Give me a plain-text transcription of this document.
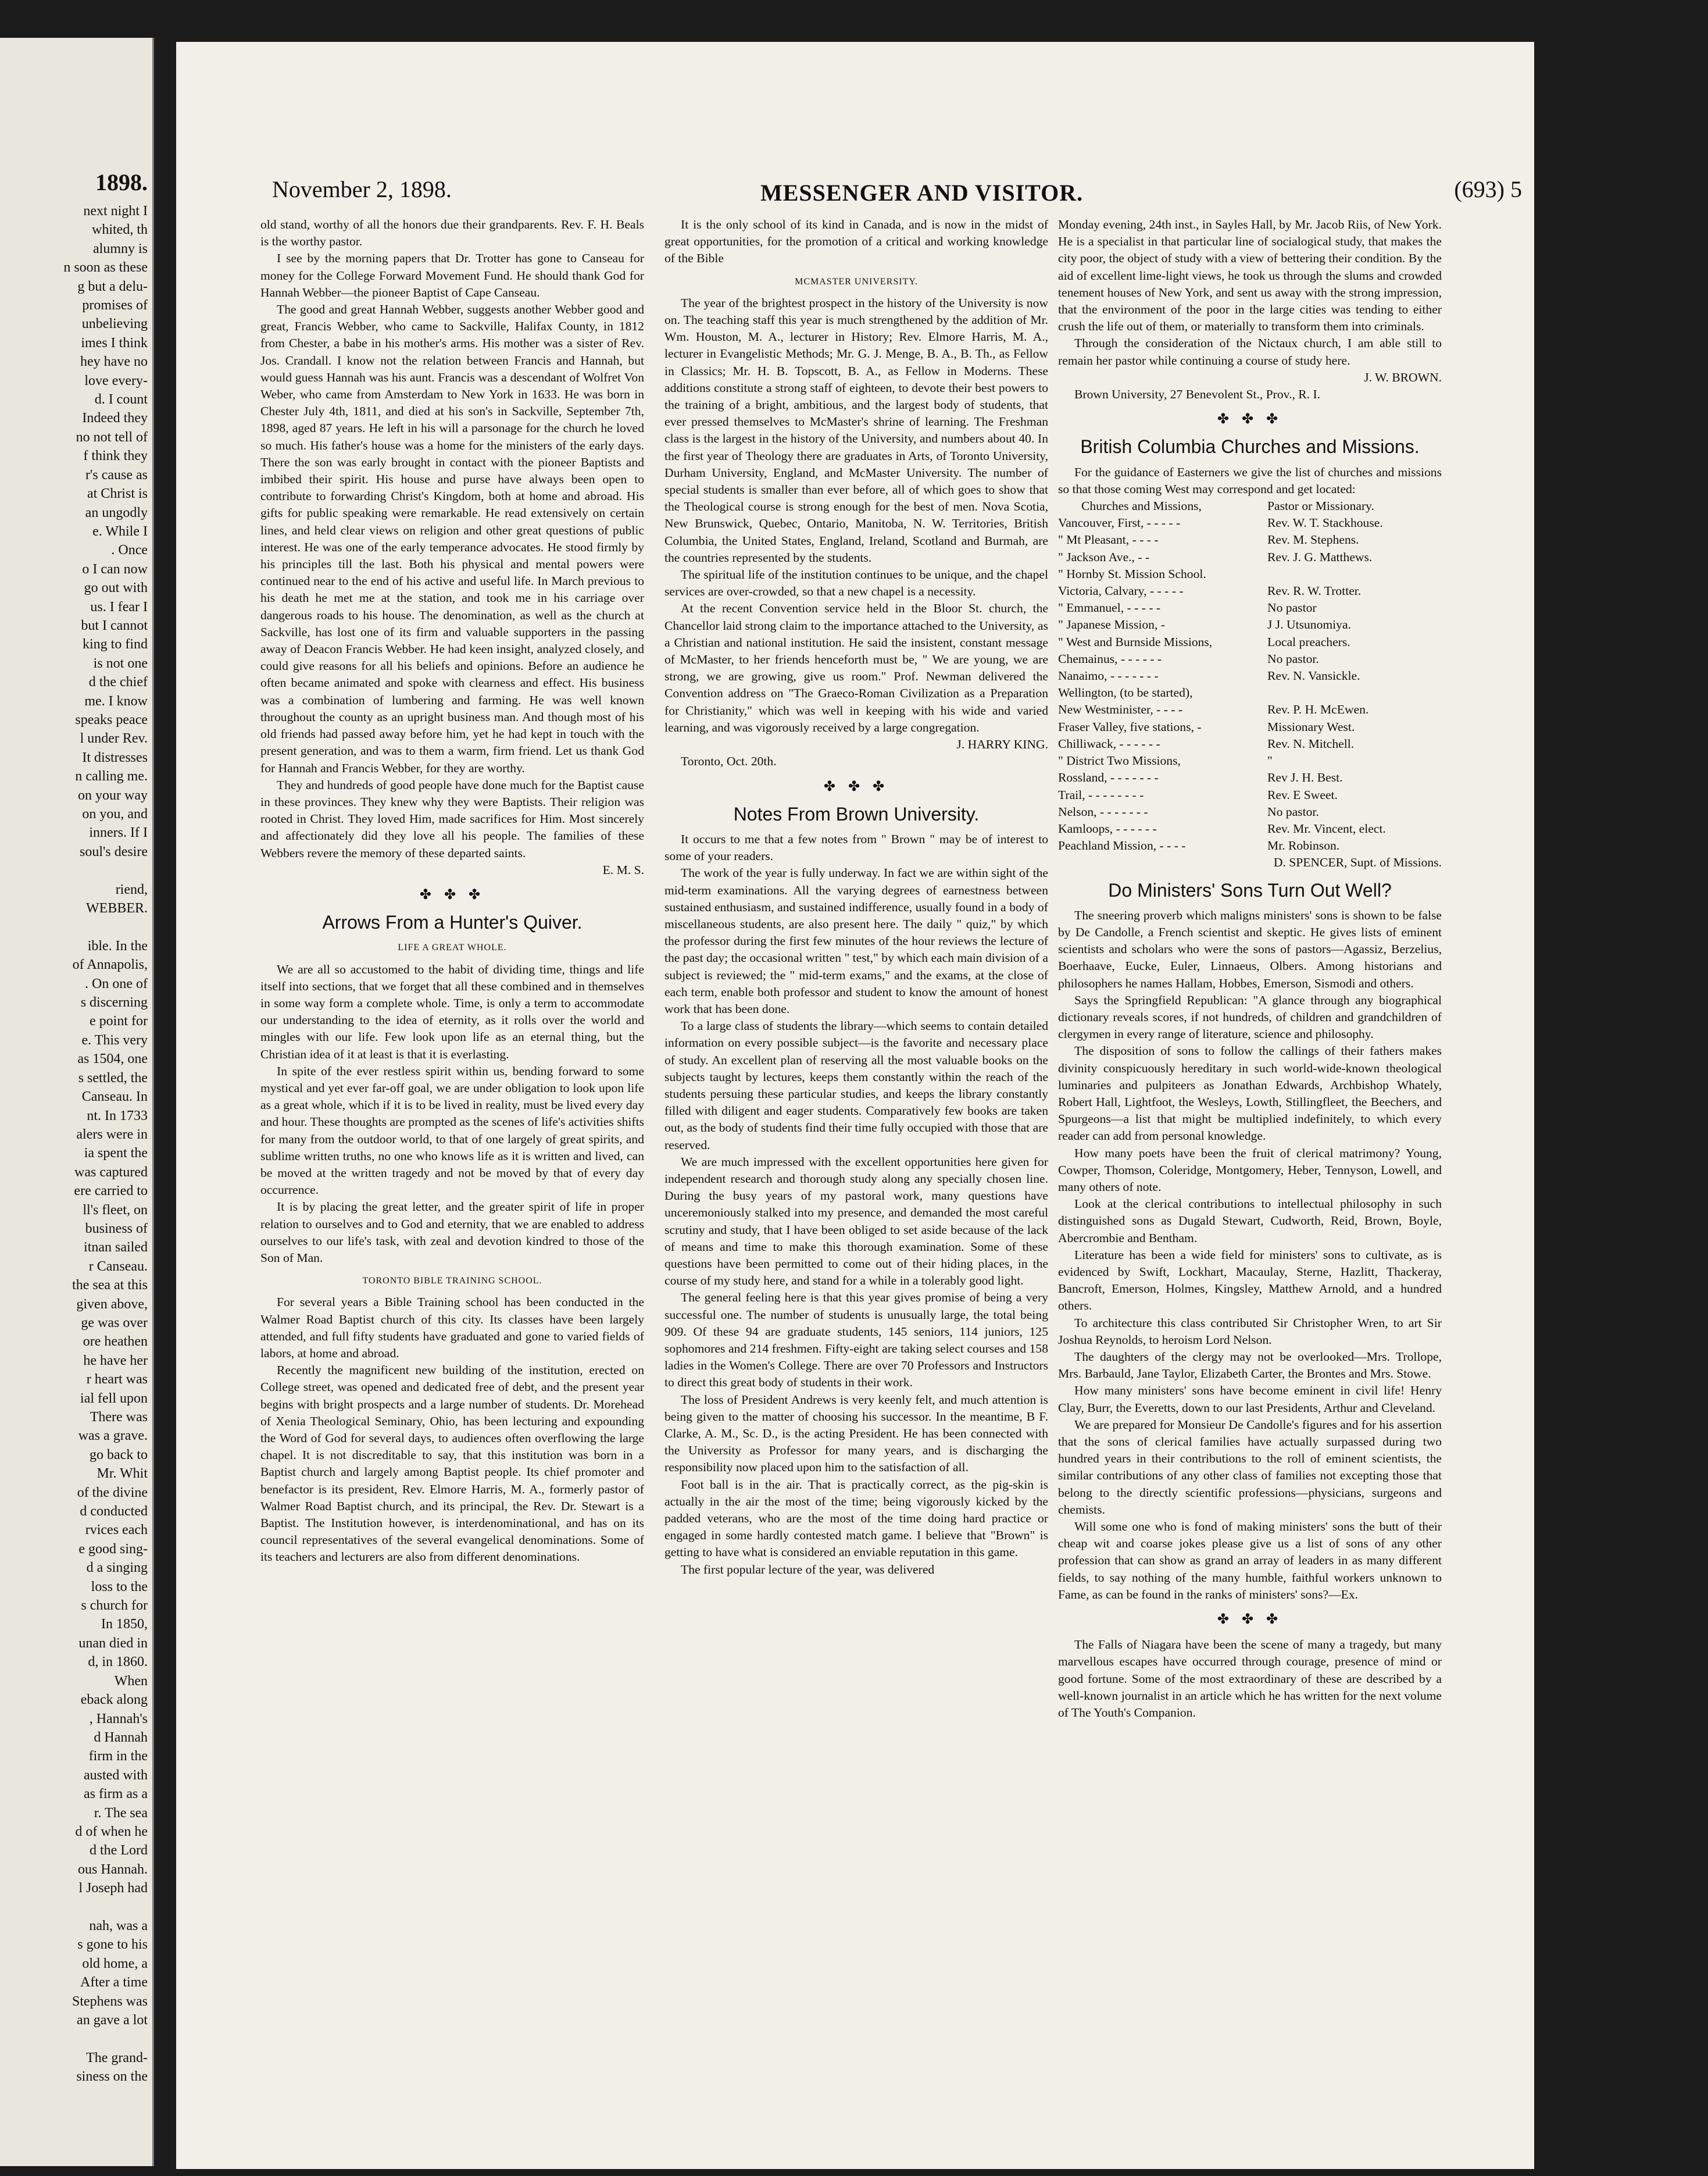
1898.
next night I
whited, th
alumny is
n soon as these
g but a delu-
promises of
unbelieving
imes I think
hey have no
love every-
d. I count
Indeed they
no not tell of
f think they
r's cause as
at Christ is
an ungodly
e. While I
. Once
o I can now
go out with
us. I fear I
but I cannot
king to find
is not one
d the chief
me. I know
speaks peace
l under Rev.
It distresses
n calling me.
on your way
on you, and
inners. If I
soul's desire

riend,
WEBBER.

ible. In the
of Annapolis,
. On one of
s discerning
e point for
e. This very
as 1504, one
s settled, the
Canseau. In
nt. In 1733
alers were in
ia spent the
was captured
ere carried to
ll's fleet, on
business of
itnan sailed
r Canseau.
the sea at this
given above,
ge was over
ore heathen
he have her
r heart was
ial fell upon
There was
was a grave.
go back to
Mr. Whit
of the divine
d conducted
rvices each
e good sing-
d a singing
loss to the
s church for
In 1850,
unan died in
d, in 1860.
When
eback along
, Hannah's
d Hannah
firm in the
austed with
as firm as a
r. The sea
d of when he
d the Lord
ous Hannah.
l Joseph had

nah, was a
s gone to his
old home, a
After a time
Stephens was
an gave a lot

The grand-
siness on the
November 2, 1898.	MESSENGER AND VISITOR.	(693) 5

old stand, worthy of all the honors due their grandparents. Rev. F. H. Beals is the worthy pastor.

I see by the morning papers that Dr. Trotter has gone to Canseau for money for the College Forward Movement Fund. He should thank God for Hannah Webber—the pioneer Baptist of Cape Canseau.

The good and great Hannah Webber, suggests another Webber good and great, Francis Webber, who came to Sackville, Halifax County, in 1812 from Chester, a babe in his mother's arms. His mother was a sister of Rev. Jos. Crandall. I know not the relation between Francis and Hannah, but would guess Hannah was his aunt. Francis was a descendant of Wolfret Von Weber, who came from Amsterdam to New York in 1633. He was born in Chester July 4th, 1811, and died at his son's in Sackville, September 7th, 1898, aged 87 years. He left in his will a parsonage for the church he loved so much. His father's house was a home for the ministers of the early days. There the son was early brought in contact with the pioneer Baptists and imbibed their spirit. His house and purse have always been open to contribute to forwarding Christ's Kingdom, both at home and abroad. His gifts for public speaking were remarkable. He read extensively on certain lines, and held clear views on religion and other great questions of public interest. He was one of the early temperance advocates. He stood firmly by his principles till the last. Both his physical and mental powers were continued near to the end of his active and useful life. In March previous to his death he met me at the station, and took me in his carriage over dangerous roads to his house. The denomination, as well as the church at Sackville, has lost one of its firm and valuable supporters in the passing away of Deacon Francis Webber. He had keen insight, analyzed closely, and could give reasons for all his beliefs and opinions. Before an audience he often became animated and spoke with clearness and effect. His business was a combination of lumbering and farming. He was well known throughout the county as an upright business man. And though most of his old friends had passed away before him, yet he had kept in touch with the present generation, and was to them a warm, firm friend. Let us thank God for Hannah and Francis Webber, for they are worthy.

They and hundreds of good people have done much for the Baptist cause in these provinces. They knew why they were Baptists. Their religion was rooted in Christ. They loved Him, made sacrifices for Him. Most sincerely and affectionately did they love all his people. The families of these Webbers revere the memory of these departed saints.

E. M. S.
✤ ✤ ✤
Arrows From a Hunter's Quiver.
LIFE A GREAT WHOLE.

We are all so accustomed to the habit of dividing time, things and life itself into sections, that we forget that all these combined and in themselves in some way form a complete whole. Time, is only a term to accommodate our understanding to the idea of eternity, as it rolls over the world and mingles with our life. Few look upon life as an eternal thing, but the Christian idea of it at least is that it is everlasting.

In spite of the ever restless spirit within us, bending forward to some mystical and yet ever far-off goal, we are under obligation to look upon life as a great whole, which if it is to be lived in reality, must be lived every day and hour. These thoughts are prompted as the scenes of life's activities shifts for many from the outdoor world, to that of one largely of great spirits, and sublime written truths, no one who knows life as it is written and lived, can be moved at the written tragedy and not be moved by that of every day occurrence.

It is by placing the great letter, and the greater spirit of life in proper relation to ourselves and to God and eternity, that we are enabled to address ourselves to our life's task, with zeal and devotion kindred to those of the Son of Man.

TORONTO BIBLE TRAINING SCHOOL.

For several years a Bible Training school has been conducted in the Walmer Road Baptist church of this city. Its classes have been largely attended, and full fifty students have graduated and gone to varied fields of labors, at home and abroad.

Recently the magnificent new building of the institution, erected on College street, was opened and dedicated free of debt, and the present year begins with bright prospects and a large number of students. Dr. Morehead of Xenia Theological Seminary, Ohio, has been lecturing and expounding the Word of God for several days, to audiences often overflowing the large chapel. It is not discreditable to say, that this institution was born in a Baptist church and largely among Baptist people. Its chief promoter and benefactor is its president, Rev. Elmore Harris, M. A., formerly pastor of Walmer Road Baptist church, and its principal, the Rev. Dr. Stewart is a Baptist. The Institution however, is interdenominational, and has on its council representatives of the several evangelical denominations. Some of its teachers and lecturers are also from different denominations.

It is the only school of its kind in Canada, and is now in the midst of great opportunities, for the promotion of a critical and working knowledge of the Bible

MCMASTER UNIVERSITY.

The year of the brightest prospect in the history of the University is now on. The teaching staff this year is much strengthened by the addition of Mr. Wm. Houston, M. A., lecturer in History; Rev. Elmore Harris, M. A., lecturer in Evangelistic Methods; Mr. G. J. Menge, B. A., B. Th., as Fellow in Classics; Mr. H. B. Topscott, B. A., as Fellow in Moderns. These additions constitute a strong staff of eighteen, to devote their best powers to the training of a bright, ambitious, and the largest body of students, that ever pressed themselves to McMaster's shrine of learning. The Freshman class is the largest in the history of the University, and numbers about 40. In the first year of Theology there are graduates in Arts, of Toronto University, Durham University, England, and McMaster University. The number of special students is smaller than ever before, all of which goes to show that the Theological course is strong enough for the best of men. Nova Scotia, New Brunswick, Quebec, Ontario, Manitoba, N. W. Territories, British Columbia, the United States, England, Ireland, Scotland and Burmah, are the countries represented by the students.

The spiritual life of the institution continues to be unique, and the chapel services are over-crowded, so that a new chapel is a necessity.

At the recent Convention service held in the Bloor St. church, the Chancellor laid strong claim to the importance attached to the University, as a Christian and national institution. He said the insistent, constant message of McMaster, to her friends henceforth must be, " We are young, we are strong, we are growing, give us room." Prof. Newman delivered the Convention address on "The Graeco-Roman Civilization as a Preparation for Christianity," which was well in keeping with his wide and varied learning, and was vigorously received by a large congregation.

J. HARRY KING.

Toronto, Oct. 20th.

✤ ✤ ✤
Notes From Brown University.

It occurs to me that a few notes from " Brown " may be of interest to some of your readers.

The work of the year is fully underway. In fact we are within sight of the mid-term examinations. All the varying degrees of earnestness between sustained enthusiasm, and sustained indifference, usually found in a body of miscellaneous students, are also present here. The daily " quiz," by which the professor during the first few minutes of the hour reviews the lecture of the past day; the occasional written " test," by which each main division of a subject is reviewed; the " mid-term exams," and the exams, at the close of each term, enable both professor and student to know the amount of honest work that has been done.

To a large class of students the library—which seems to contain detailed information on every possible subject—is the favorite and necessary place of study. An excellent plan of reserving all the most valuable books on the subjects taught by lectures, keeps them constantly within the reach of the students persuing these particular studies, and keeps the library constantly filled with diligent and eager students. Comparatively few books are taken out, as the body of students find their time fully occupied with those that are reserved.

We are much impressed with the excellent opportunities here given for independent research and thorough study along any specially chosen line. During the busy years of my pastoral work, many questions have unceremoniously stalked into my presence, and demanded the most careful scrutiny and study, that I have been obliged to set aside because of the lack of means and time to make this thorough examination. Some of these questions have been permitted to come out of their hiding places, in the course of my study here, and stand for a while in a tolerably good light.

The general feeling here is that this year gives promise of being a very successful one. The number of students is unusually large, the total being 909. Of these 94 are graduate students, 145 seniors, 114 juniors, 125 sophomores and 214 freshmen. Fifty-eight are taking select courses and 158 ladies in the Women's College. There are over 70 Professors and Instructors to direct this great body of students in their work.

The loss of President Andrews is very keenly felt, and much attention is being given to the matter of choosing his successor. In the meantime, B F. Clarke, A. M., Sc. D., is the acting President. He has been connected with the University as Professor for many years, and is discharging the responsibility now placed upon him to the satisfaction of all.

Foot ball is in the air. That is practically correct, as the pig-skin is actually in the air the most of the time; being vigorously kicked by the padded veterans, who are the most of the time doing hard practice or engaged in some hardly contested match game. I believe that "Brown" is getting to have what is considered an enviable reputation in this game.

The first popular lecture of the year, was delivered

Monday evening, 24th inst., in Sayles Hall, by Mr. Jacob Riis, of New York. He is a specialist in that particular line of socialogical study, that makes the city poor, the object of study with a view of bettering their condition. By the aid of excellent lime-light views, he took us through the slums and crowded tenement houses of New York, and sent us away with the strong impression, that the environment of the poor in the large cities was tending to either crush the life out of them, or materially to transform them into criminals.

Through the consideration of the Nictaux church, I am able still to remain her pastor while continuing a course of study here.

J. W. BROWN.

Brown University, 27 Benevolent St., Prov., R. I.

✤ ✤ ✤
British Columbia Churches and Missions.

For the guidance of Easterners we give the list of churches and missions so that those coming West may correspond and get located:

Churches and Missions,	Pastor or Missionary.
Vancouver, First, - - - - -	Rev. W. T. Stackhouse.
" Mt Pleasant, - - - -	Rev. M. Stephens.
" Jackson Ave., - -	Rev. J. G. Matthews.
" Hornby St. Mission School.
Victoria, Calvary, - - - - -	Rev. R. W. Trotter.
" Emmanuel, - - - - -	No pastor
" Japanese Mission, -	J J. Utsunomiya.
" West and Burnside Missions,	Local preachers.
Chemainus, - - - - - -	No pastor.
Nanaimo, - - - - - - -	Rev. N. Vansickle.
Wellington, (to be started),
New Westminister, - - - -	Rev. P. H. McEwen.
Fraser Valley, five stations, -	Missionary West.
Chilliwack, - - - - - -	Rev. N. Mitchell.
" District Two Missions,	"
Rossland, - - - - - - -	Rev J. H. Best.
Trail, - - - - - - - -	Rev. E Sweet.
Nelson, - - - - - - -	No pastor.
Kamloops, - - - - - -	Rev. Mr. Vincent, elect.
Peachland Mission, - - - -	Mr. Robinson.
D. SPENCER, Supt. of Missions.
Do Ministers' Sons Turn Out Well?

The sneering proverb which maligns ministers' sons is shown to be false by De Candolle, a French scientist and skeptic. He gives lists of eminent scientists and scholars who were the sons of pastors—Agassiz, Berzelius, Boerhaave, Eucke, Euler, Linnaeus, Olbers. Among historians and philosophers he names Hallam, Hobbes, Emerson, Sismodi and others.

Says the Springfield Republican: "A glance through any biographical dictionary reveals scores, if not hundreds, of children and grandchildren of clergymen in every range of literature, science and philosophy.

The disposition of sons to follow the callings of their fathers makes divinity conspicuously hereditary in such world-wide-known theological luminaries and pulpiteers as Jonathan Edwards, Archbishop Whately, Robert Hall, Lightfoot, the Wesleys, Lowth, Stillingfleet, the Beechers, and Spurgeons—a list that might be multiplied indefinitely, to which every reader can add from personal knowledge.

How many poets have been the fruit of clerical matrimony? Young, Cowper, Thomson, Coleridge, Montgomery, Heber, Tennyson, Lowell, and many others of note.

Look at the clerical contributions to intellectual philosophy in such distinguished sons as Dugald Stewart, Cudworth, Reid, Brown, Boyle, Abercrombie and Bentham.

Literature has been a wide field for ministers' sons to cultivate, as is evidenced by Swift, Lockhart, Macaulay, Sterne, Hazlitt, Thackeray, Bancroft, Emerson, Holmes, Kingsley, Matthew Arnold, and a hundred others.

To architecture this class contributed Sir Christopher Wren, to art Sir Joshua Reynolds, to heroism Lord Nelson.

The daughters of the clergy may not be overlooked—Mrs. Trollope, Mrs. Barbauld, Jane Taylor, Elizabeth Carter, the Brontes and Mrs. Stowe.

How many ministers' sons have become eminent in civil life! Henry Clay, Burr, the Everetts, down to our last Presidents, Arthur and Cleveland.

We are prepared for Monsieur De Candolle's figures and for his assertion that the sons of clerical families have actually surpassed during two hundred years in their contributions to the roll of eminent scientists, the similar contributions of any other class of families not excepting those that belong to the directly scientific professions—physicians, surgeons and chemists.

Will some one who is fond of making ministers' sons the butt of their cheap wit and coarse jokes please give us a list of sons of any other profession that can show as grand an array of leaders in as many different fields, to say nothing of the many humble, faithful workers unknown to Fame, as can be found in the ranks of ministers' sons?—Ex.

✤ ✤ ✤

The Falls of Niagara have been the scene of many a tragedy, but many marvellous escapes have occurred through courage, presence of mind or good fortune. Some of the most extraordinary of these are described by a well-known journalist in an article which he has written for the next volume of The Youth's Companion.
